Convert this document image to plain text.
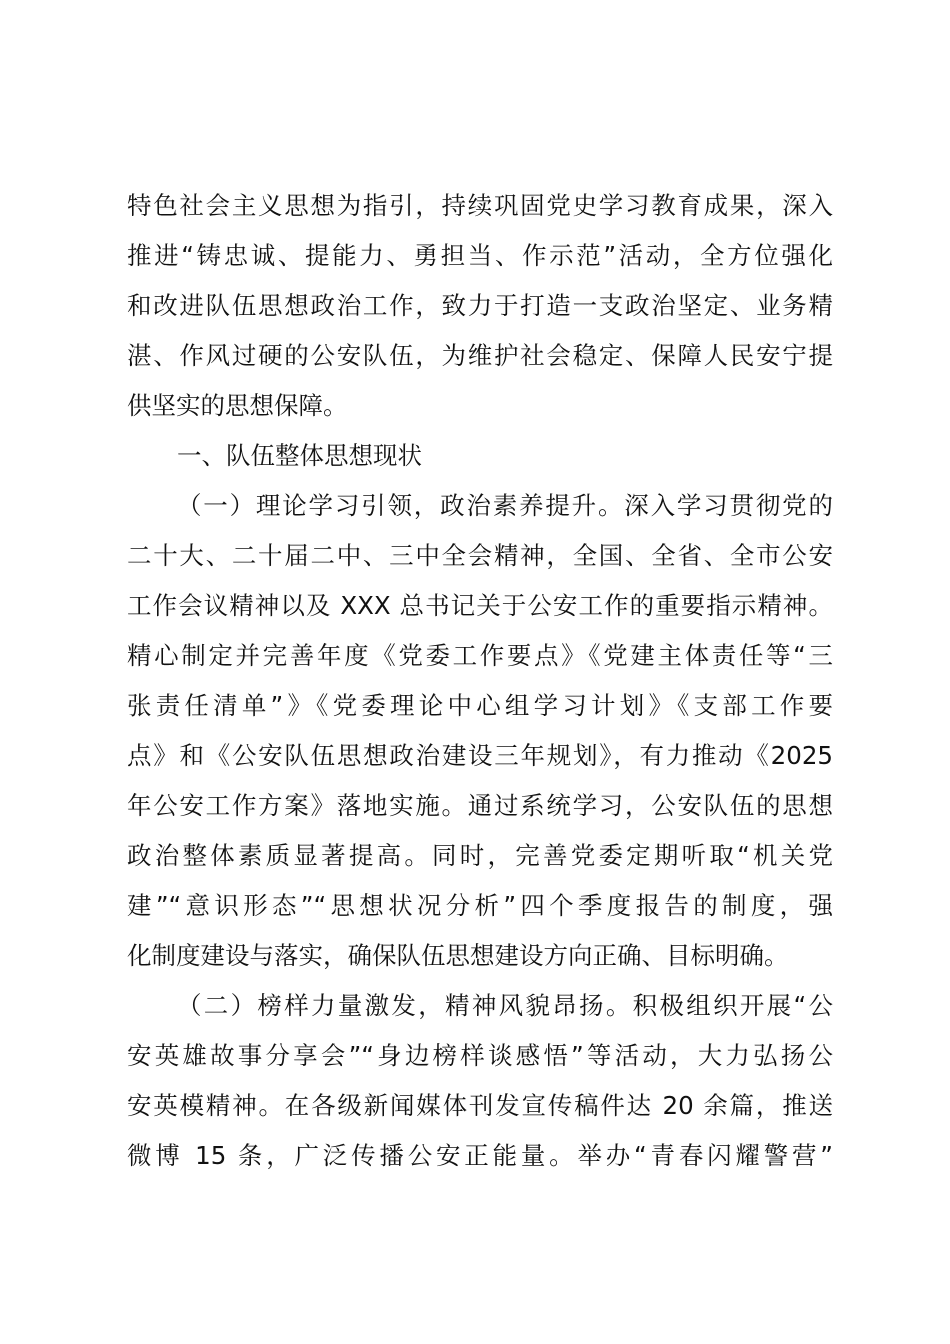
特色社会主义思想为指引，持续巩固党史学习教育成果，深入
推进“铸忠诚、提能力、勇担当、作示范”活动，全方位强化
和改进队伍思想政治工作，致力于打造一支政治坚定、业务精
湛、作风过硬的公安队伍，为维护社会稳定、保障人民安宁提
供坚实的思想保障。
一、队伍整体思想现状
（一）理论学习引领，政治素养提升。深入学习贯彻党的
二十大、二十届二中、三中全会精神，全国、全省、全市公安
工作会议精神以及 XXX 总书记关于公安工作的重要指示精神。
精心制定并完善年度《党委工作要点》《党建主体责任等“三
张责任清单”》《党委理论中心组学习计划》《支部工作要
点》和《公安队伍思想政治建设三年规划》，有力推动《2025
年公安工作方案》落地实施。通过系统学习，公安队伍的思想
政治整体素质显著提高。同时，完善党委定期听取“机关党
建”“意识形态”“思想状况分析”四个季度报告的制度，强
化制度建设与落实，确保队伍思想建设方向正确、目标明确。
（二）榜样力量激发，精神风貌昂扬。积极组织开展“公
安英雄故事分享会”“身边榜样谈感悟”等活动，大力弘扬公
安英模精神。在各级新闻媒体刊发宣传稿件达 20 余篇，推送
微博 15 条，广泛传播公安正能量。举办“青春闪耀警营”
